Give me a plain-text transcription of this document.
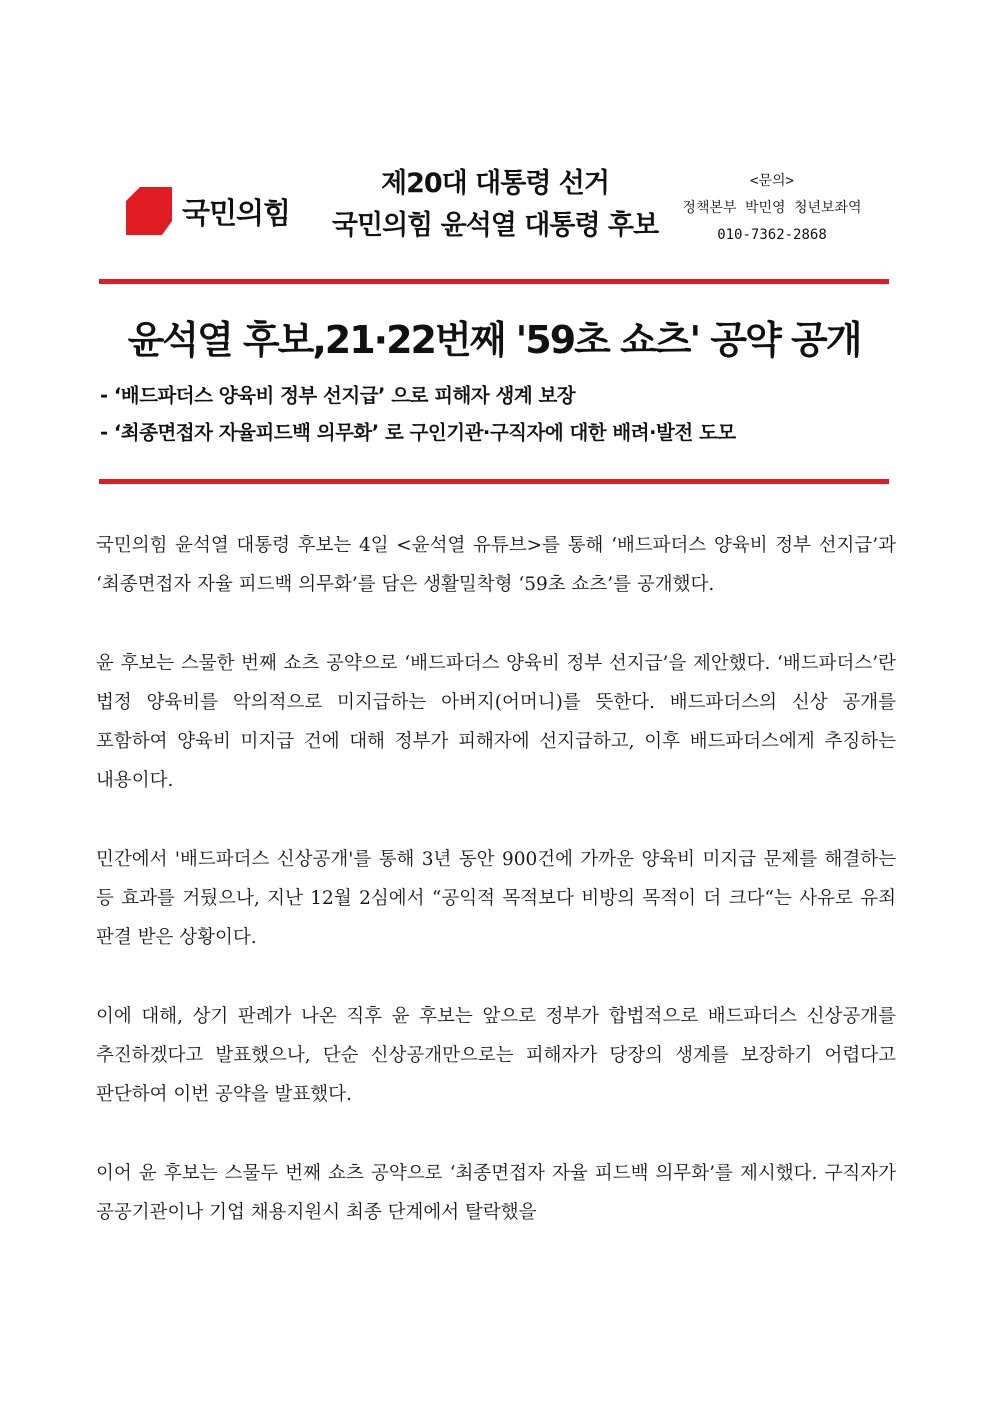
국민의힘
제20대 대통령 선거
국민의힘 윤석열 대통령 후보
<문의>
정책본부 박민영 청년보좌역
010-7362-2868
윤석열 후보,21·22번째 '59초 쇼츠' 공약 공개
- ‘배드파더스 양육비 정부 선지급’ 으로 피해자 생계 보장
- ‘최종면접자 자율피드백 의무화’ 로 구인기관·구직자에 대한 배려·발전 도모

국민의힘 윤석열 대통령 후보는 4일 <윤석열 유튜브>를 통해 ‘배드파더스 양육비 정부 선지급’과 ‘최종면접자 자율 피드백 의무화’를 담은 생활밀착형 ‘59초 쇼츠’를 공개했다.

윤 후보는 스물한 번째 쇼츠 공약으로 ‘배드파더스 양육비 정부 선지급’을 제안했다. ‘배드파더스’란 법정 양육비를 악의적으로 미지급하는 아버지(어머니)를 뜻한다. 배드파더스의 신상 공개를 포함하여 양육비 미지급 건에 대해 정부가 피해자에 선지급하고, 이후 배드파더스에게 추징하는 내용이다.

민간에서 '배드파더스 신상공개'를 통해 3년 동안 900건에 가까운 양육비 미지급 문제를 해결하는 등 효과를 거뒀으나, 지난 12월 2심에서 “공익적 목적보다 비방의 목적이 더 크다“는 사유로 유죄 판결 받은 상황이다.

이에 대해, 상기 판례가 나온 직후 윤 후보는 앞으로 정부가 합법적으로 배드파더스 신상공개를 추진하겠다고 발표했으나, 단순 신상공개만으로는 피해자가 당장의 생계를 보장하기 어렵다고 판단하여 이번 공약을 발표했다.

이어 윤 후보는 스물두 번째 쇼츠 공약으로 ‘최종면접자 자율 피드백 의무화’를 제시했다. 구직자가 공공기관이나 기업 채용지원시 최종 단계에서 탈락했을
